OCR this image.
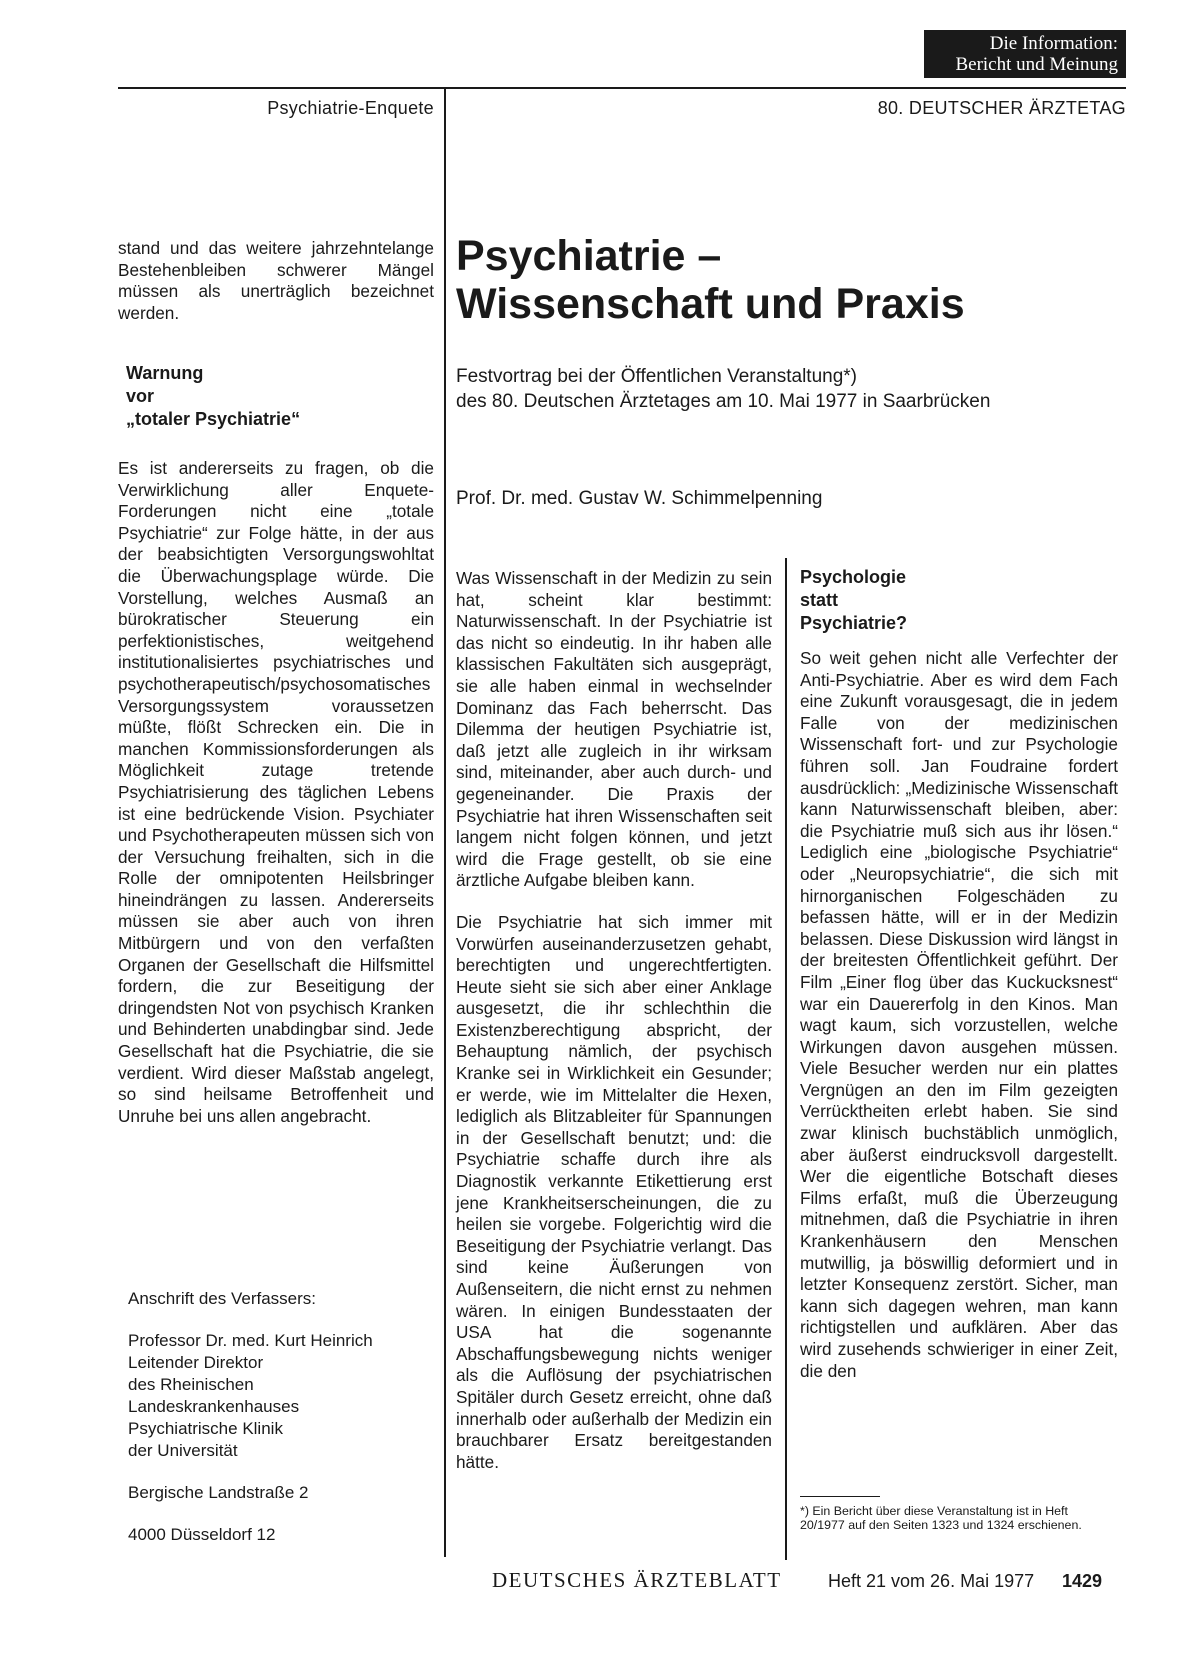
Die Information:
Bericht und Meinung
Psychiatrie-Enquete	80. DEUTSCHER ÄRZTETAG

stand und das weitere jahrzehntelange Bestehenbleiben schwerer Mängel müssen als unerträglich bezeichnet werden.

Warnung
vor
„totaler Psychiatrie“

Es ist andererseits zu fragen, ob die Verwirklichung aller Enquete-Forderungen nicht eine „totale Psychiatrie“ zur Folge hätte, in der aus der beabsichtigten Versorgungswohltat die Überwachungsplage würde. Die Vorstellung, welches Ausmaß an bürokratischer Steuerung ein perfektionistisches, weitgehend institutionalisiertes psychiatrisches und psychotherapeutisch/psychosomatisches Versorgungssystem voraussetzen müßte, flößt Schrecken ein. Die in manchen Kommissionsforderungen als Möglichkeit zutage tretende Psychiatrisierung des täglichen Lebens ist eine bedrückende Vision. Psychiater und Psychotherapeuten müssen sich von der Versuchung freihalten, sich in die Rolle der omnipotenten Heilsbringer hineindrängen zu lassen. Andererseits müssen sie aber auch von ihren Mitbürgern und von den verfaßten Organen der Gesellschaft die Hilfsmittel fordern, die zur Beseitigung der dringendsten Not von psychisch Kranken und Behinderten unabdingbar sind. Jede Gesellschaft hat die Psychiatrie, die sie verdient. Wird dieser Maßstab angelegt, so sind heilsame Betroffenheit und Unruhe bei uns allen angebracht.

Anschrift des Verfassers:
Professor Dr. med. Kurt Heinrich
Leitender Direktor
des Rheinischen
Landeskrankenhauses
Psychiatrische Klinik
der Universität
Bergische Landstraße 2
4000 Düsseldorf 12
Psychiatrie –
Wissenschaft und Praxis
Festvortrag bei der Öffentlichen Veranstaltung*)
des 80. Deutschen Ärztetages am 10. Mai 1977 in Saarbrücken
Prof. Dr. med. Gustav W. Schimmelpenning

Was Wissenschaft in der Medizin zu sein hat, scheint klar bestimmt: Naturwissenschaft. In der Psychiatrie ist das nicht so eindeutig. In ihr haben alle klassischen Fakultäten sich ausgeprägt, sie alle haben einmal in wechselnder Dominanz das Fach beherrscht. Das Dilemma der heutigen Psychiatrie ist, daß jetzt alle zugleich in ihr wirksam sind, miteinander, aber auch durch- und gegeneinander. Die Praxis der Psychiatrie hat ihren Wissenschaften seit langem nicht folgen können, und jetzt wird die Frage gestellt, ob sie eine ärztliche Aufgabe bleiben kann.

Die Psychiatrie hat sich immer mit Vorwürfen auseinanderzusetzen gehabt, berechtigten und ungerechtfertigten. Heute sieht sie sich aber einer Anklage ausgesetzt, die ihr schlechthin die Existenzberechtigung abspricht, der Behauptung nämlich, der psychisch Kranke sei in Wirklichkeit ein Gesunder; er werde, wie im Mittelalter die Hexen, lediglich als Blitzableiter für Spannungen in der Gesellschaft benutzt; und: die Psychiatrie schaffe durch ihre als Diagnostik verkannte Etikettierung erst jene Krankheitserscheinungen, die zu heilen sie vorgebe. Folgerichtig wird die Beseitigung der Psychiatrie verlangt. Das sind keine Äußerungen von Außenseitern, die nicht ernst zu nehmen wären. In einigen Bundesstaaten der USA hat die sogenannte Abschaffungsbewegung nichts weniger als die Auflösung der psychiatrischen Spitäler durch Gesetz erreicht, ohne daß innerhalb oder außerhalb der Medizin ein brauchbarer Ersatz bereitgestanden hätte.

Psychologie
statt
Psychiatrie?

So weit gehen nicht alle Verfechter der Anti-Psychiatrie. Aber es wird dem Fach eine Zukunft vorausgesagt, die in jedem Falle von der medizinischen Wissenschaft fort- und zur Psychologie führen soll. Jan Foudraine fordert ausdrücklich: „Medizinische Wissenschaft kann Naturwissenschaft bleiben, aber: die Psychiatrie muß sich aus ihr lösen.“ Lediglich eine „biologische Psychiatrie“ oder „Neuropsychiatrie“, die sich mit hirnorganischen Folgeschäden zu befassen hätte, will er in der Medizin belassen. Diese Diskussion wird längst in der breitesten Öffentlichkeit geführt. Der Film „Einer flog über das Kuckucksnest“ war ein Dauererfolg in den Kinos. Man wagt kaum, sich vorzustellen, welche Wirkungen davon ausgehen müssen. Viele Besucher werden nur ein plattes Vergnügen an den im Film gezeigten Verrücktheiten erlebt haben. Sie sind zwar klinisch buchstäblich unmöglich, aber äußerst eindrucksvoll dargestellt. Wer die eigentliche Botschaft dieses Films erfaßt, muß die Überzeugung mitnehmen, daß die Psychiatrie in ihren Krankenhäusern den Menschen mutwillig, ja böswillig deformiert und in letzter Konsequenz zerstört. Sicher, man kann sich dagegen wehren, man kann richtigstellen und aufklären. Aber das wird zusehends schwieriger in einer Zeit, die den

*) Ein Bericht über diese Veranstaltung ist in Heft 20/1977 auf den Seiten 1323 und 1324 erschienen.
DEUTSCHES ÄRZTEBLATT	Heft 21 vom 26. Mai 1977 1429
